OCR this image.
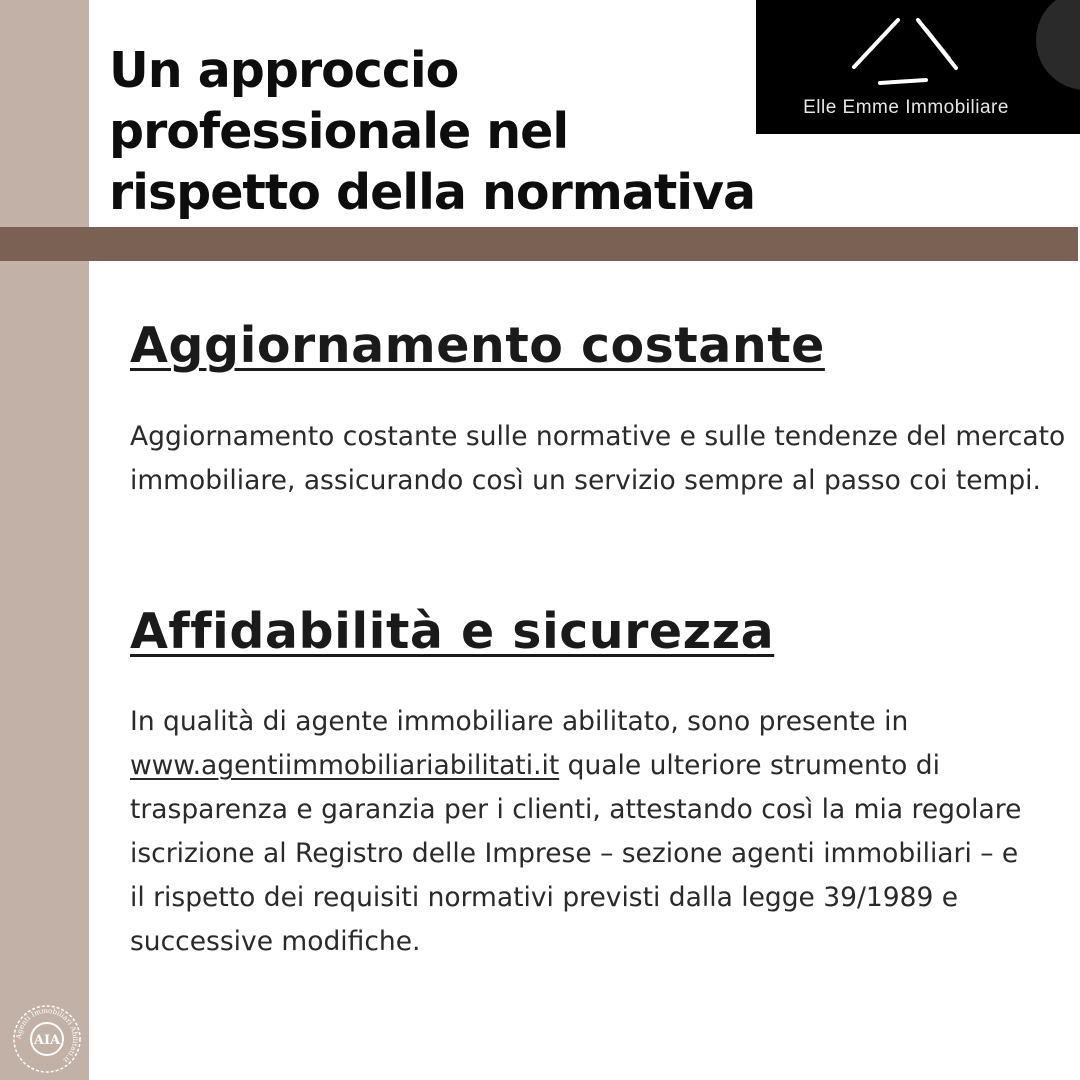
Un approccio professionale nel rispetto della normativa
Elle Emme Immobiliare
Aggiornamento costante

Aggiornamento costante sulle normative e sulle tendenze del mercato immobiliare, assicurando così un servizio sempre al passo coi tempi.

Affidabilità e sicurezza

In qualità di agente immobiliare abilitato, sono presente in www.agentiimmobiliariabilitati.it quale ulteriore strumento di trasparenza e garanzia per i clienti, attestando così la mia regolare iscrizione al Registro delle Imprese – sezione agenti immobiliari – e il rispetto dei requisiti normativi previsti dalla legge 39/1989 e successive modifiche.

Agenti Immobiliari Abilitati.it
AIA
